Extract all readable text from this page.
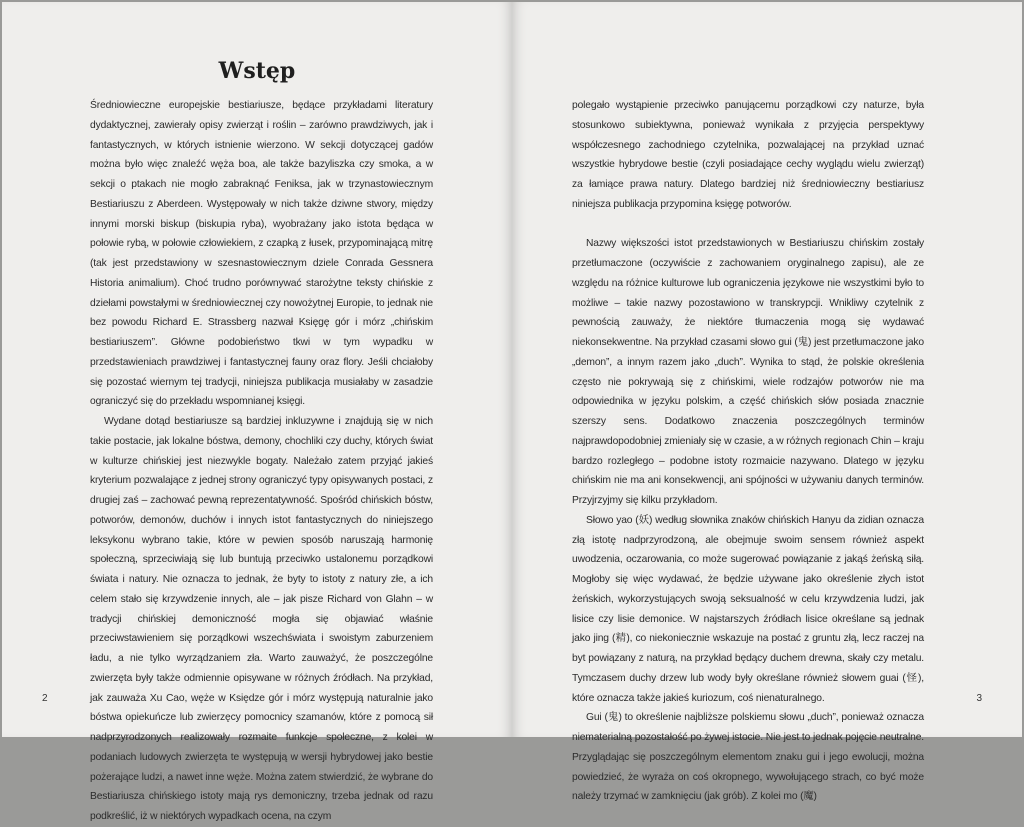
Wstęp

Średniowieczne europejskie bestiariusze, będące przykładami literatury dydaktycznej, zawierały opisy zwierząt i roślin – zarówno prawdziwych, jak i fantastycznych, w których istnienie wierzono. W sekcji dotyczącej gadów można było więc znaleźć węża boa, ale także bazyliszka czy smoka, a w sekcji o ptakach nie mogło zabraknąć Feniksa, jak w trzynastowiecznym Bestiariuszu z Aberdeen. Występowały w nich także dziwne stwory, między innymi morski biskup (biskupia ryba), wyobrażany jako istota będąca w połowie rybą, w połowie człowiekiem, z czapką z łusek, przypominającą mitrę (tak jest przedstawiony w szesnastowiecznym dziele Conrada Gessnera Historia animalium). Choć trudno porównywać starożytne teksty chińskie z dziełami powstałymi w średniowiecznej czy nowożytnej Europie, to jednak nie bez powodu Richard E. Strassberg nazwał Księgę gór i mórz „chińskim bestiariuszem”. Główne podobieństwo tkwi w tym wypadku w przedstawieniach prawdziwej i fantastycznej fauny oraz flory. Jeśli chciałoby się pozostać wiernym tej tradycji, niniejsza publikacja musiałaby w zasadzie ograniczyć się do przekładu wspomnianej księgi.

Wydane dotąd bestiariusze są bardziej inkluzywne i znajdują się w nich takie postacie, jak lokalne bóstwa, demony, chochliki czy duchy, których świat w kulturze chińskiej jest niezwykle bogaty. Należało zatem przyjąć jakieś kryterium pozwalające z jednej strony ograniczyć typy opisywanych postaci, z drugiej zaś – zachować pewną reprezentatywność. Spośród chińskich bóstw, potworów, demonów, duchów i innych istot fantastycznych do niniejszego leksykonu wybrano takie, które w pewien sposób naruszają harmonię społeczną, sprzeciwiają się lub buntują przeciwko ustalonemu porządkowi świata i natury. Nie oznacza to jednak, że byty to istoty z natury złe, a ich celem stało się krzywdzenie innych, ale – jak pisze Richard von Glahn – w tradycji chińskiej demoniczność mogła się objawiać właśnie przeciwstawieniem się porządkowi wszechświata i swoistym zaburzeniem ładu, a nie tylko wyrządzaniem zła. Warto zauważyć, że poszczególne zwierzęta były także odmiennie opisywane w różnych źródłach. Na przykład, jak zauważa Xu Cao, węże w Księdze gór i mórz występują naturalnie jako bóstwa opiekuńcze lub zwierzęcy pomocnicy szamanów, które z pomocą sił nadprzyrodzonych realizowały rozmaite funkcje społeczne, z kolei w podaniach ludowych zwierzęta te występują w wersji hybrydowej jako bestie pożerające ludzi, a nawet inne węże. Można zatem stwierdzić, że wybrane do Bestiariusza chińskiego istoty mają rys demoniczny, trzeba jednak od razu podkreślić, iż w niektórych wypadkach ocena, na czym

2

polegało wystąpienie przeciwko panującemu porządkowi czy naturze, była stosunkowo subiektywna, ponieważ wynikała z przyjęcia perspektywy współczesnego zachodniego czytelnika, pozwalającej na przykład uznać wszystkie hybrydowe bestie (czyli posiadające cechy wyglądu wielu zwierząt) za łamiące prawa natury. Dlatego bardziej niż średniowieczny bestiariusz niniejsza publikacja przypomina księgę potworów.

Nazwy większości istot przedstawionych w Bestiariuszu chińskim zostały przetłumaczone (oczywiście z zachowaniem oryginalnego zapisu), ale ze względu na różnice kulturowe lub ograniczenia językowe nie wszystkimi było to możliwe – takie nazwy pozostawiono w transkrypcji. Wnikliwy czytelnik z pewnością zauważy, że niektóre tłumaczenia mogą się wydawać niekonsekwentne. Na przykład czasami słowo gui (鬼) jest przetłumaczone jako „demon”, a innym razem jako „duch”. Wynika to stąd, że polskie określenia często nie pokrywają się z chińskimi, wiele rodzajów potworów nie ma odpowiednika w języku polskim, a część chińskich słów posiada znacznie szerszy sens. Dodatkowo znaczenia poszczególnych terminów najprawdopodobniej zmieniały się w czasie, a w różnych regionach Chin – kraju bardzo rozległego – podobne istoty rozmaicie nazywano. Dlatego w języku chińskim nie ma ani konsekwencji, ani spójności w używaniu danych terminów. Przyjrzyjmy się kilku przykładom.

Słowo yao (妖) według słownika znaków chińskich Hanyu da zidian oznacza złą istotę nadprzyrodzoną, ale obejmuje swoim sensem również aspekt uwodzenia, oczarowania, co może sugerować powiązanie z jakąś żeńską siłą. Mogłoby się więc wydawać, że będzie używane jako określenie złych istot żeńskich, wykorzystujących swoją seksualność w celu krzywdzenia ludzi, jak lisice czy lisie demonice. W najstarszych źródłach lisice określane są jednak jako jing (精), co niekoniecznie wskazuje na postać z gruntu złą, lecz raczej na byt powiązany z naturą, na przykład będący duchem drewna, skały czy metalu. Tymczasem duchy drzew lub wody były określane również słowem guai (怪), które oznacza także jakieś kuriozum, coś nienaturalnego.

Gui (鬼) to określenie najbliższe polskiemu słowu „duch”, ponieważ oznacza niematerialną pozostałość po żywej istocie. Nie jest to jednak pojęcie neutralne. Przyglądając się poszczególnym elementom znaku gui i jego ewolucji, można powiedzieć, że wyraża on coś okropnego, wywołującego strach, co być może należy trzymać w zamknięciu (jak grób). Z kolei mo (魔)

3
